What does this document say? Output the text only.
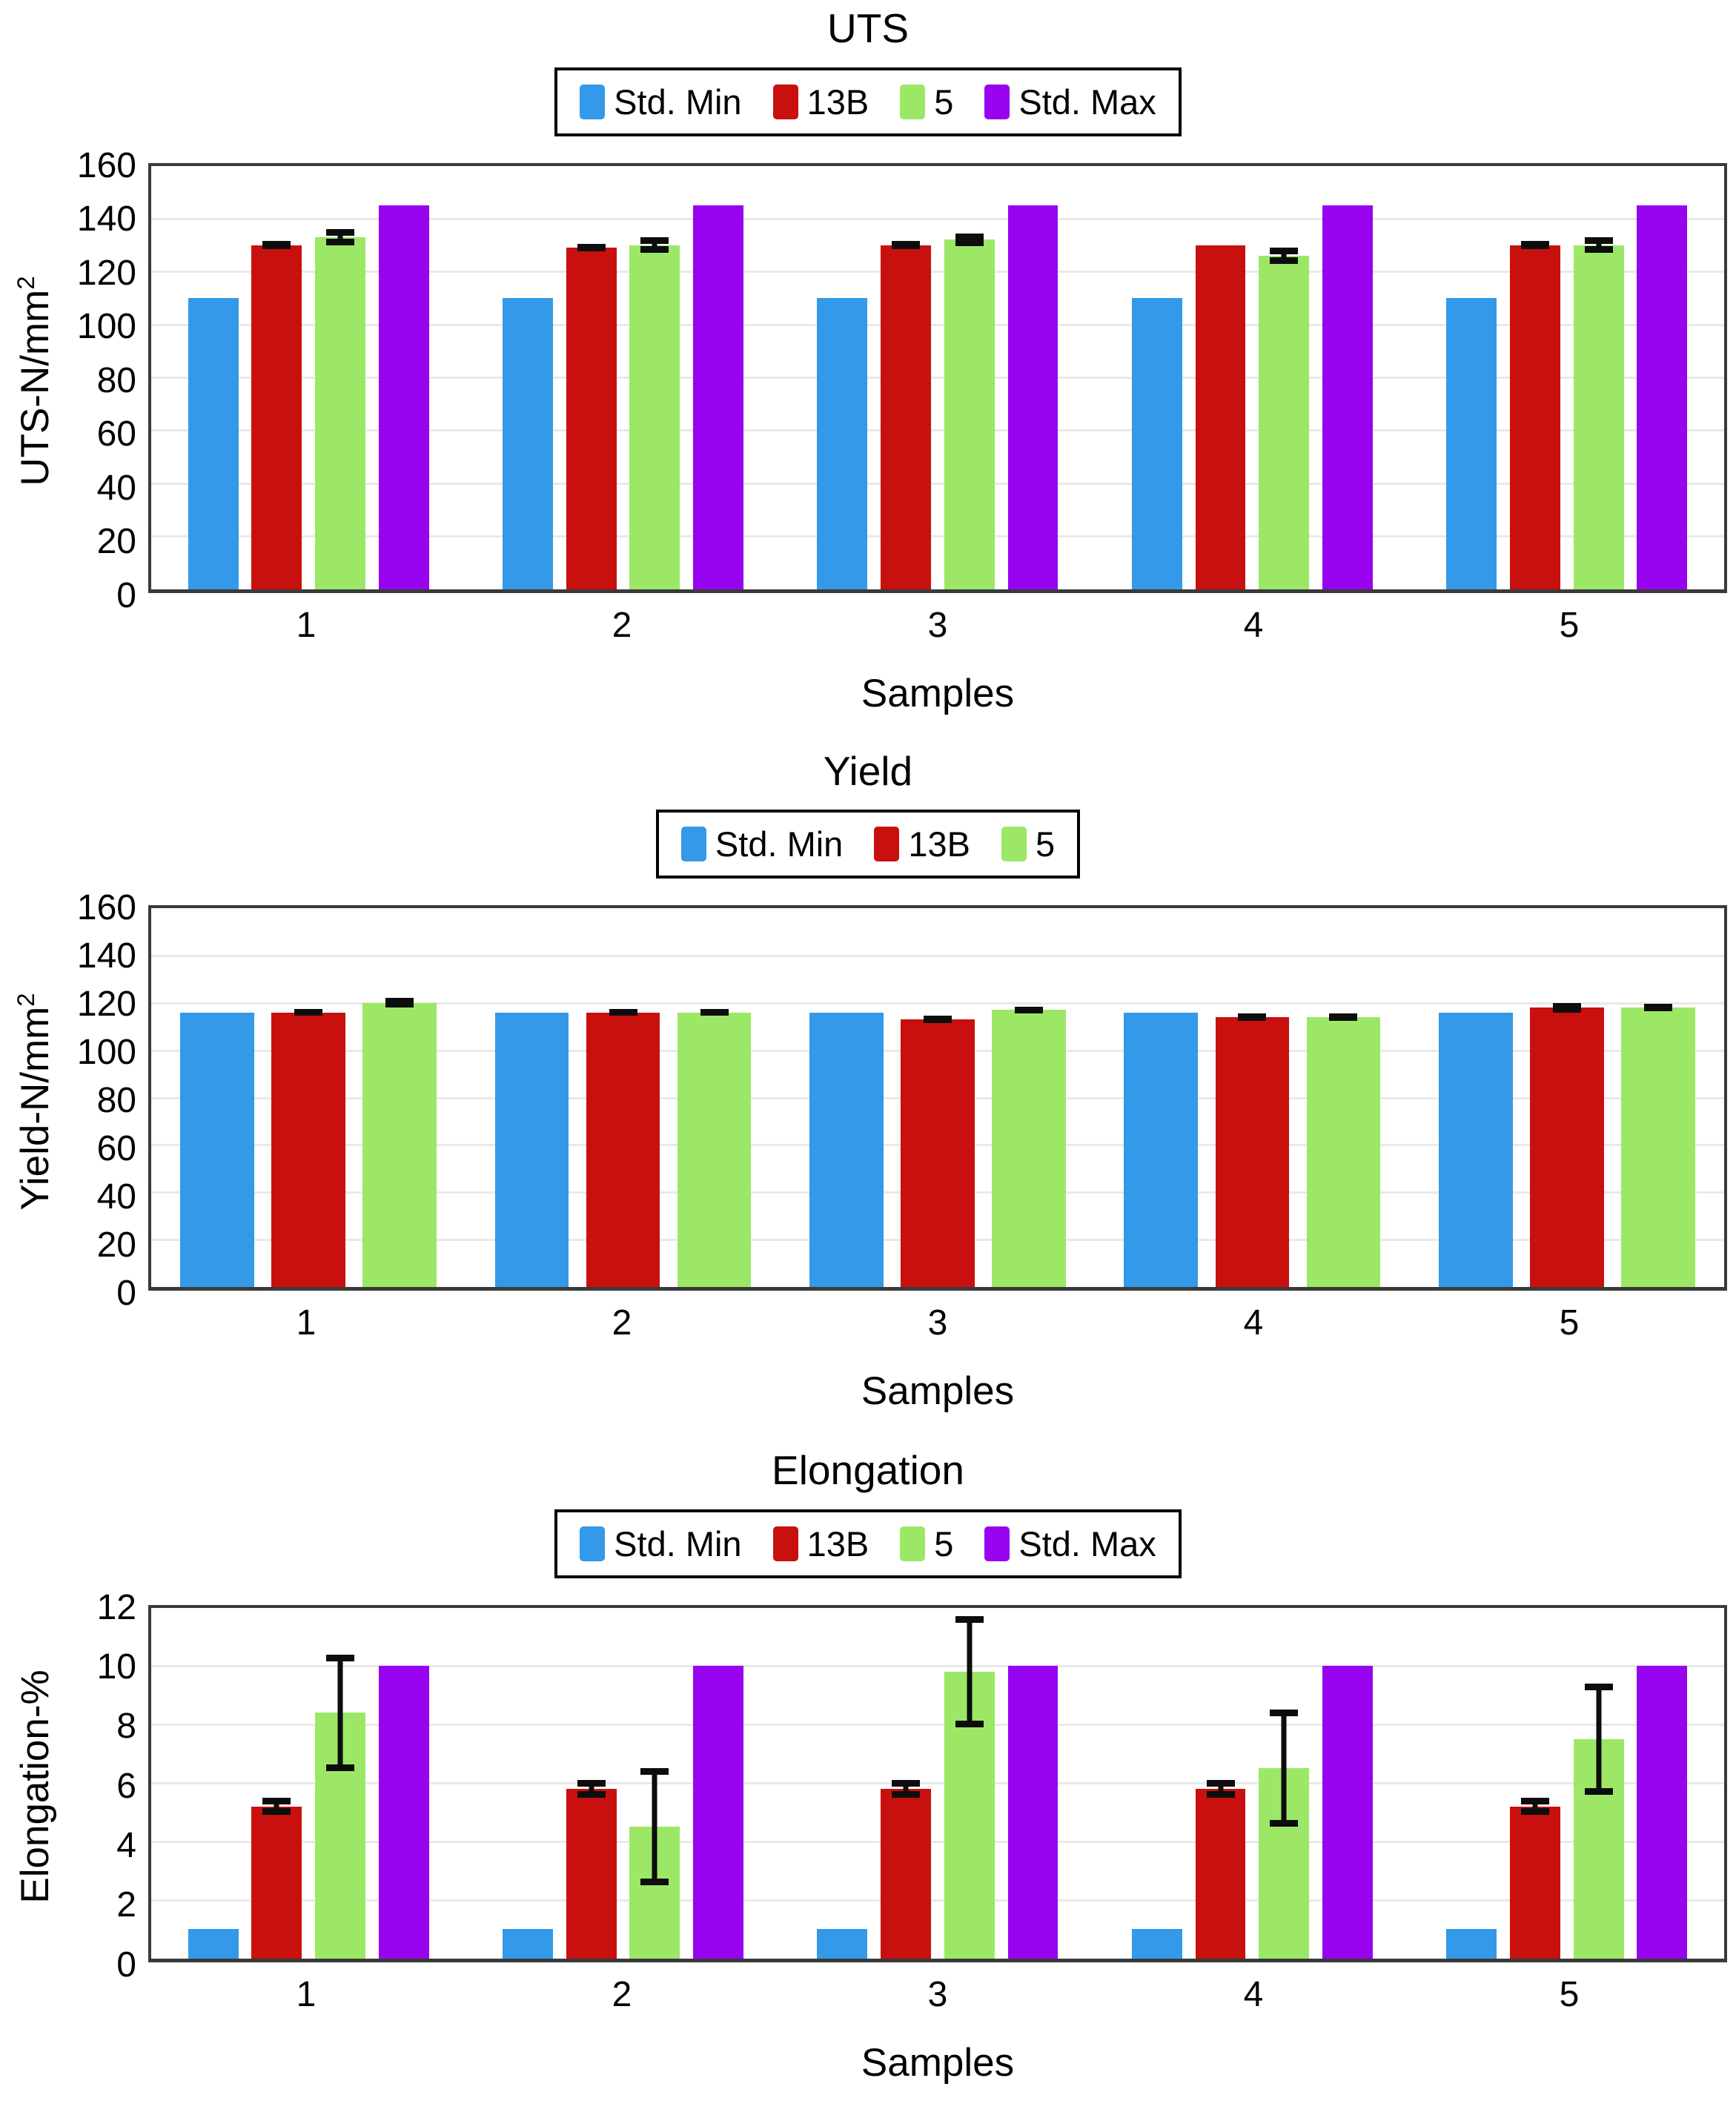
UTS
Std. Min 13B 5 Std. Max
UTS-$N/mm^2$
160
140
120
100
80
60
40
20
0
1	2	3	4	5
Samples
Yield
Std. Min 13B 5
Yield-$N/mm^2$
160
140
120
100
80
60
40
20
0
1	2	3	4	5
Samples
Elongation
Std. Min 13B 5 Std. Max
Elongation-%
12
10
8
6
4
2
0
1	2	3	4	5
Samples
